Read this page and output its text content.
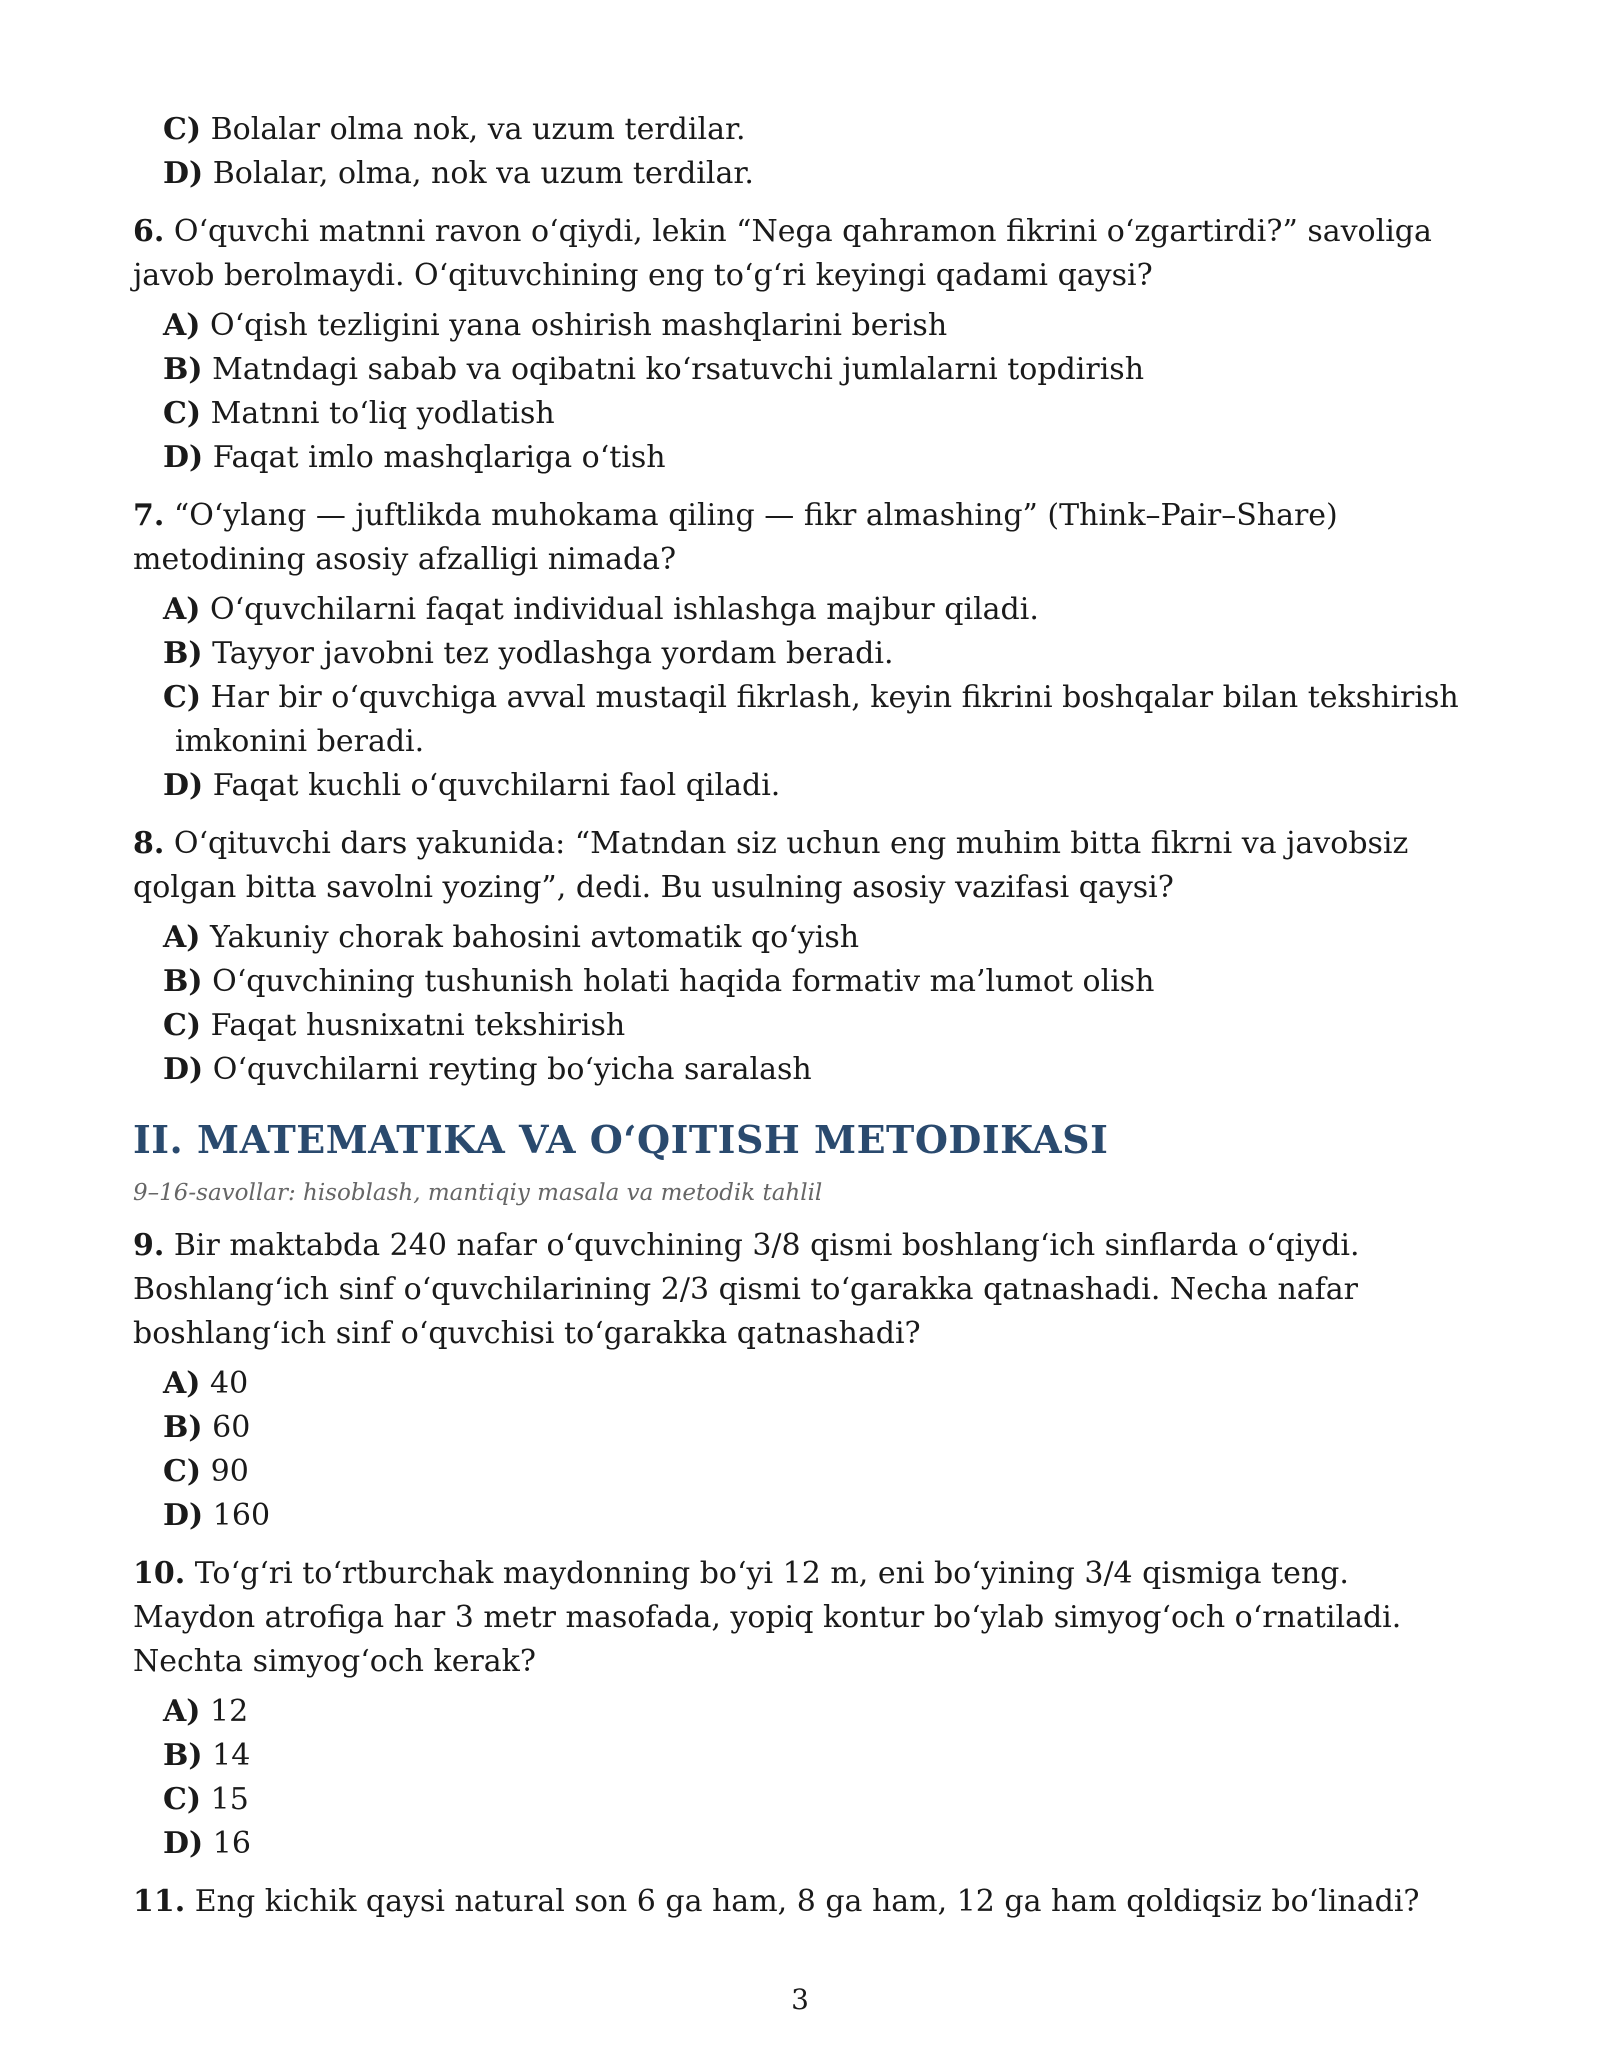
C) Bolalar olma nok, va uzum terdilar.
D) Bolalar, olma, nok va uzum terdilar.
6. O‘quvchi matnni ravon o‘qiydi, lekin “Nega qahramon fikrini o‘zgartirdi?” savoliga javob berolmaydi. O‘qituvchining eng to‘g‘ri keyingi qadami qaysi?
A) O‘qish tezligini yana oshirish mashqlarini berish
B) Matndagi sabab va oqibatni ko‘rsatuvchi jumlalarni topdirish
C) Matnni to‘liq yodlatish
D) Faqat imlo mashqlariga o‘tish
7. “O‘ylang — juftlikda muhokama qiling — fikr almashing” (Think–Pair–Share) metodining asosiy afzalligi nimada?
A) O‘quvchilarni faqat individual ishlashga majbur qiladi.
B) Tayyor javobni tez yodlashga yordam beradi.
C) Har bir o‘quvchiga avval mustaqil fikrlash, keyin fikrini boshqalar bilan tekshirish
imkonini beradi.
D) Faqat kuchli o‘quvchilarni faol qiladi.
8. O‘qituvchi dars yakunida: “Matndan siz uchun eng muhim bitta fikrni va javobsiz qolgan bitta savolni yozing”, dedi. Bu usulning asosiy vazifasi qaysi?
A) Yakuniy chorak bahosini avtomatik qo‘yish
B) O‘quvchining tushunish holati haqida formativ ma’lumot olish
C) Faqat husnixatni tekshirish
D) O‘quvchilarni reyting bo‘yicha saralash
II. MATEMATIKA VA O‘QITISH METODIKASI
9–16-savollar: hisoblash, mantiqiy masala va metodik tahlil
9. Bir maktabda 240 nafar o‘quvchining 3/8 qismi boshlang‘ich sinflarda o‘qiydi. Boshlang‘ich sinf o‘quvchilarining 2/3 qismi to‘garakka qatnashadi. Necha nafar boshlang‘ich sinf o‘quvchisi to‘garakka qatnashadi?
A) 40
B) 60
C) 90
D) 160
10. To‘g‘ri to‘rtburchak maydonning bo‘yi 12 m, eni bo‘yining 3/4 qismiga teng. Maydon atrofiga har 3 metr masofada, yopiq kontur bo‘ylab simyog‘och o‘rnatiladi. Nechta simyog‘och kerak?
A) 12
B) 14
C) 15
D) 16
11. Eng kichik qaysi natural son 6 ga ham, 8 ga ham, 12 ga ham qoldiqsiz bo‘linadi?
3
